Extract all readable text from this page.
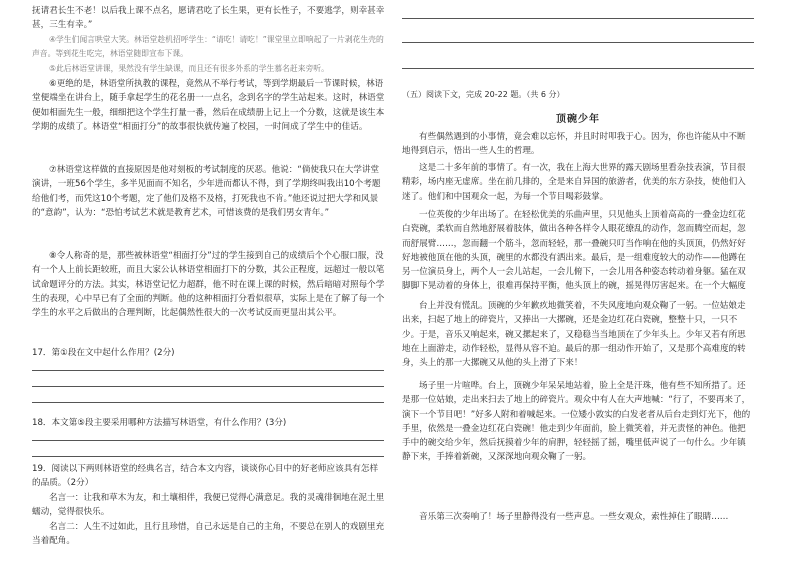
抚请君长生不老！以后我上课不点名，愿请君吃了长生果，更有长性子，不要逃学，则幸甚幸甚，三生有幸。”

④学生们闻言哄堂大笑。林语堂趁机招呼学生：“请吃！请吃！”课堂里立即响起了一片剥花生壳的声音。等到花生吃完，林语堂随即宣布下课。

⑤此后林语堂讲课，果然没有学生缺课，而且还有很多外系的学生慕名赶来旁听。

⑥更绝的是，林语堂所执教的课程，竟然从不举行考试，等到学期最后一节课时候，林语堂便端坐在讲台上，随手拿起学生的花名册一一点名，念到名字的学生站起来。这时，林语堂便如相面先生一般，细细把这个学生打量一番，然后在成绩册上记上一个分数，这就是该生本学期的成绩了。林语堂“相面打分”的故事很快就传遍了校园，一时间成了学生中的佳话。

⑦林语堂这样做的直接原因是他对刻板的考试制度的厌恶。他说：“倘使我只在大学讲堂演讲，一班56个学生，多半见面而不知名，少年进而都认不得，到了学期终叫我出10个考题给他们考，而凭这10个考题，定了他们及格不及格，打死我也不肯。”他还说过把大学和风景的“意韵”，认为：“恐怕考试艺术就是教育艺术，可惜该费的是我们男女青年。”

⑧令人称奇的是，那些被林语堂“相面打分”过的学生接到自己的成绩后个个心服口服，没有一个人上前长距较班，而且大家公认林语堂相面打下的分数，其公正程度，远超过一般以笔试命题评分的方法。其实，林语堂记忆力超群，他不时在课上课的时候，然后暗暗对照每个学生的表现，心中早已有了全面的判断。他的这种相面打分看似很草，实际上是在了解了每一个学生的水平之后做出的合理判断，比起偶然性很大的一次考试反而更显出其公平。

17．第①段在文中起什么作用？(2分)

18．本文第⑤段主要采用哪种方法描写林语堂，有什么作用？(3分)

19．阅读以下两则林语堂的经典名言，结合本文内容，谈谈你心目中的好老师应该具有怎样的品质。（2分）

名言一：让我和草木为友，和土壤相伴，我便已觉得心满意足。我的灵魂徘徊地在泥土里蠕动，觉得很快乐。

名言二：人生不过如此，且行且珍惜，自己永远是自己的主角，不要总在别人的戏剧里充当着配角。

（五）阅读下文，完成 20-22 题。（共 6 分）

顶碗少年

有些偶然遇到的小事情，竟会难以忘怀，并且时时叩我于心。因为，你也许能从中不断地得到启示，悟出一些人生的哲理。

这是二十多年前的事情了。有一次，我在上海大世界的露天剧场里看杂技表演，节目很精彩，场内座无虚席。坐在前几排的，全是来自异国的旅游者，优美的东方杂技，使他们入迷了。他们和中国观众一起，为每一个节目喝彩鼓掌。

一位英俊的少年出场了。在轻松优美的乐曲声里，只见他头上顶着高高的一叠金边红花白瓷碗，柔软而自然地舒展着肢体，做出各种各样令人眼花缭乱的动作，忽而腾空而起，忽而舒展臂……，忽而翻一个筋斗，忽而轻轻，那一叠碗只叮当作响在他的头顶顶，仍然好好好地被他顶在他的头顶，碗里的水都没有洒出来。最后，是一组难度较大的动作——他蹲在另一位演员身上，两个人一会儿站起，一会儿俯下，一会儿用各种姿态转动着身躯。猛在双脚脚下晃动着的身体上，很难再保持平衡，他头顶上的碗，摇晃得厉害起来。在一个大幅度

台上并没有慌乱。顶碗的少年歉疚地微笑着，不失风度地向观众鞠了一躬。一位姑娘走出来，扫起了地上的碎瓷片，又捧出一大摞碗，还是金边红花白瓷碗，整整十只，一只不少。于是，音乐又响起来，碗又摞起来了，又稳稳当当地顶在了少年头上。少年又若有所思地在上面游走，动作轻松，显得从容不迫。最后的那一组动作开始了，又是那个高难度的转身，头上的那一大摞碗又从他的头上滑了下来！

场子里一片喧哗。台上，顶碗少年呆呆地站着，脸上全是汗珠，他有些不知所措了。还是那一位姑娘，走出来扫去了地上的碎瓷片。观众中有人在大声地喊：“行了，不要再来了，演下一个节目吧！”好多人附和着喊起来。一位矮小敦实的白发老者从后台走到灯光下，他的手里，依然是一叠金边红花白瓷碗！他走到少年面前，脸上微笑着，并无责怪的神色。他把手中的碗交给少年，然后抚摸着少年的肩胛，轻轻摇了摇，嘴里低声说了一句什么。少年镇静下来，手捧着新碗，又深深地向观众鞠了一躬。

音乐第三次奏响了！场子里静得没有一些声息。一些女观众，索性掉住了眼睛……
